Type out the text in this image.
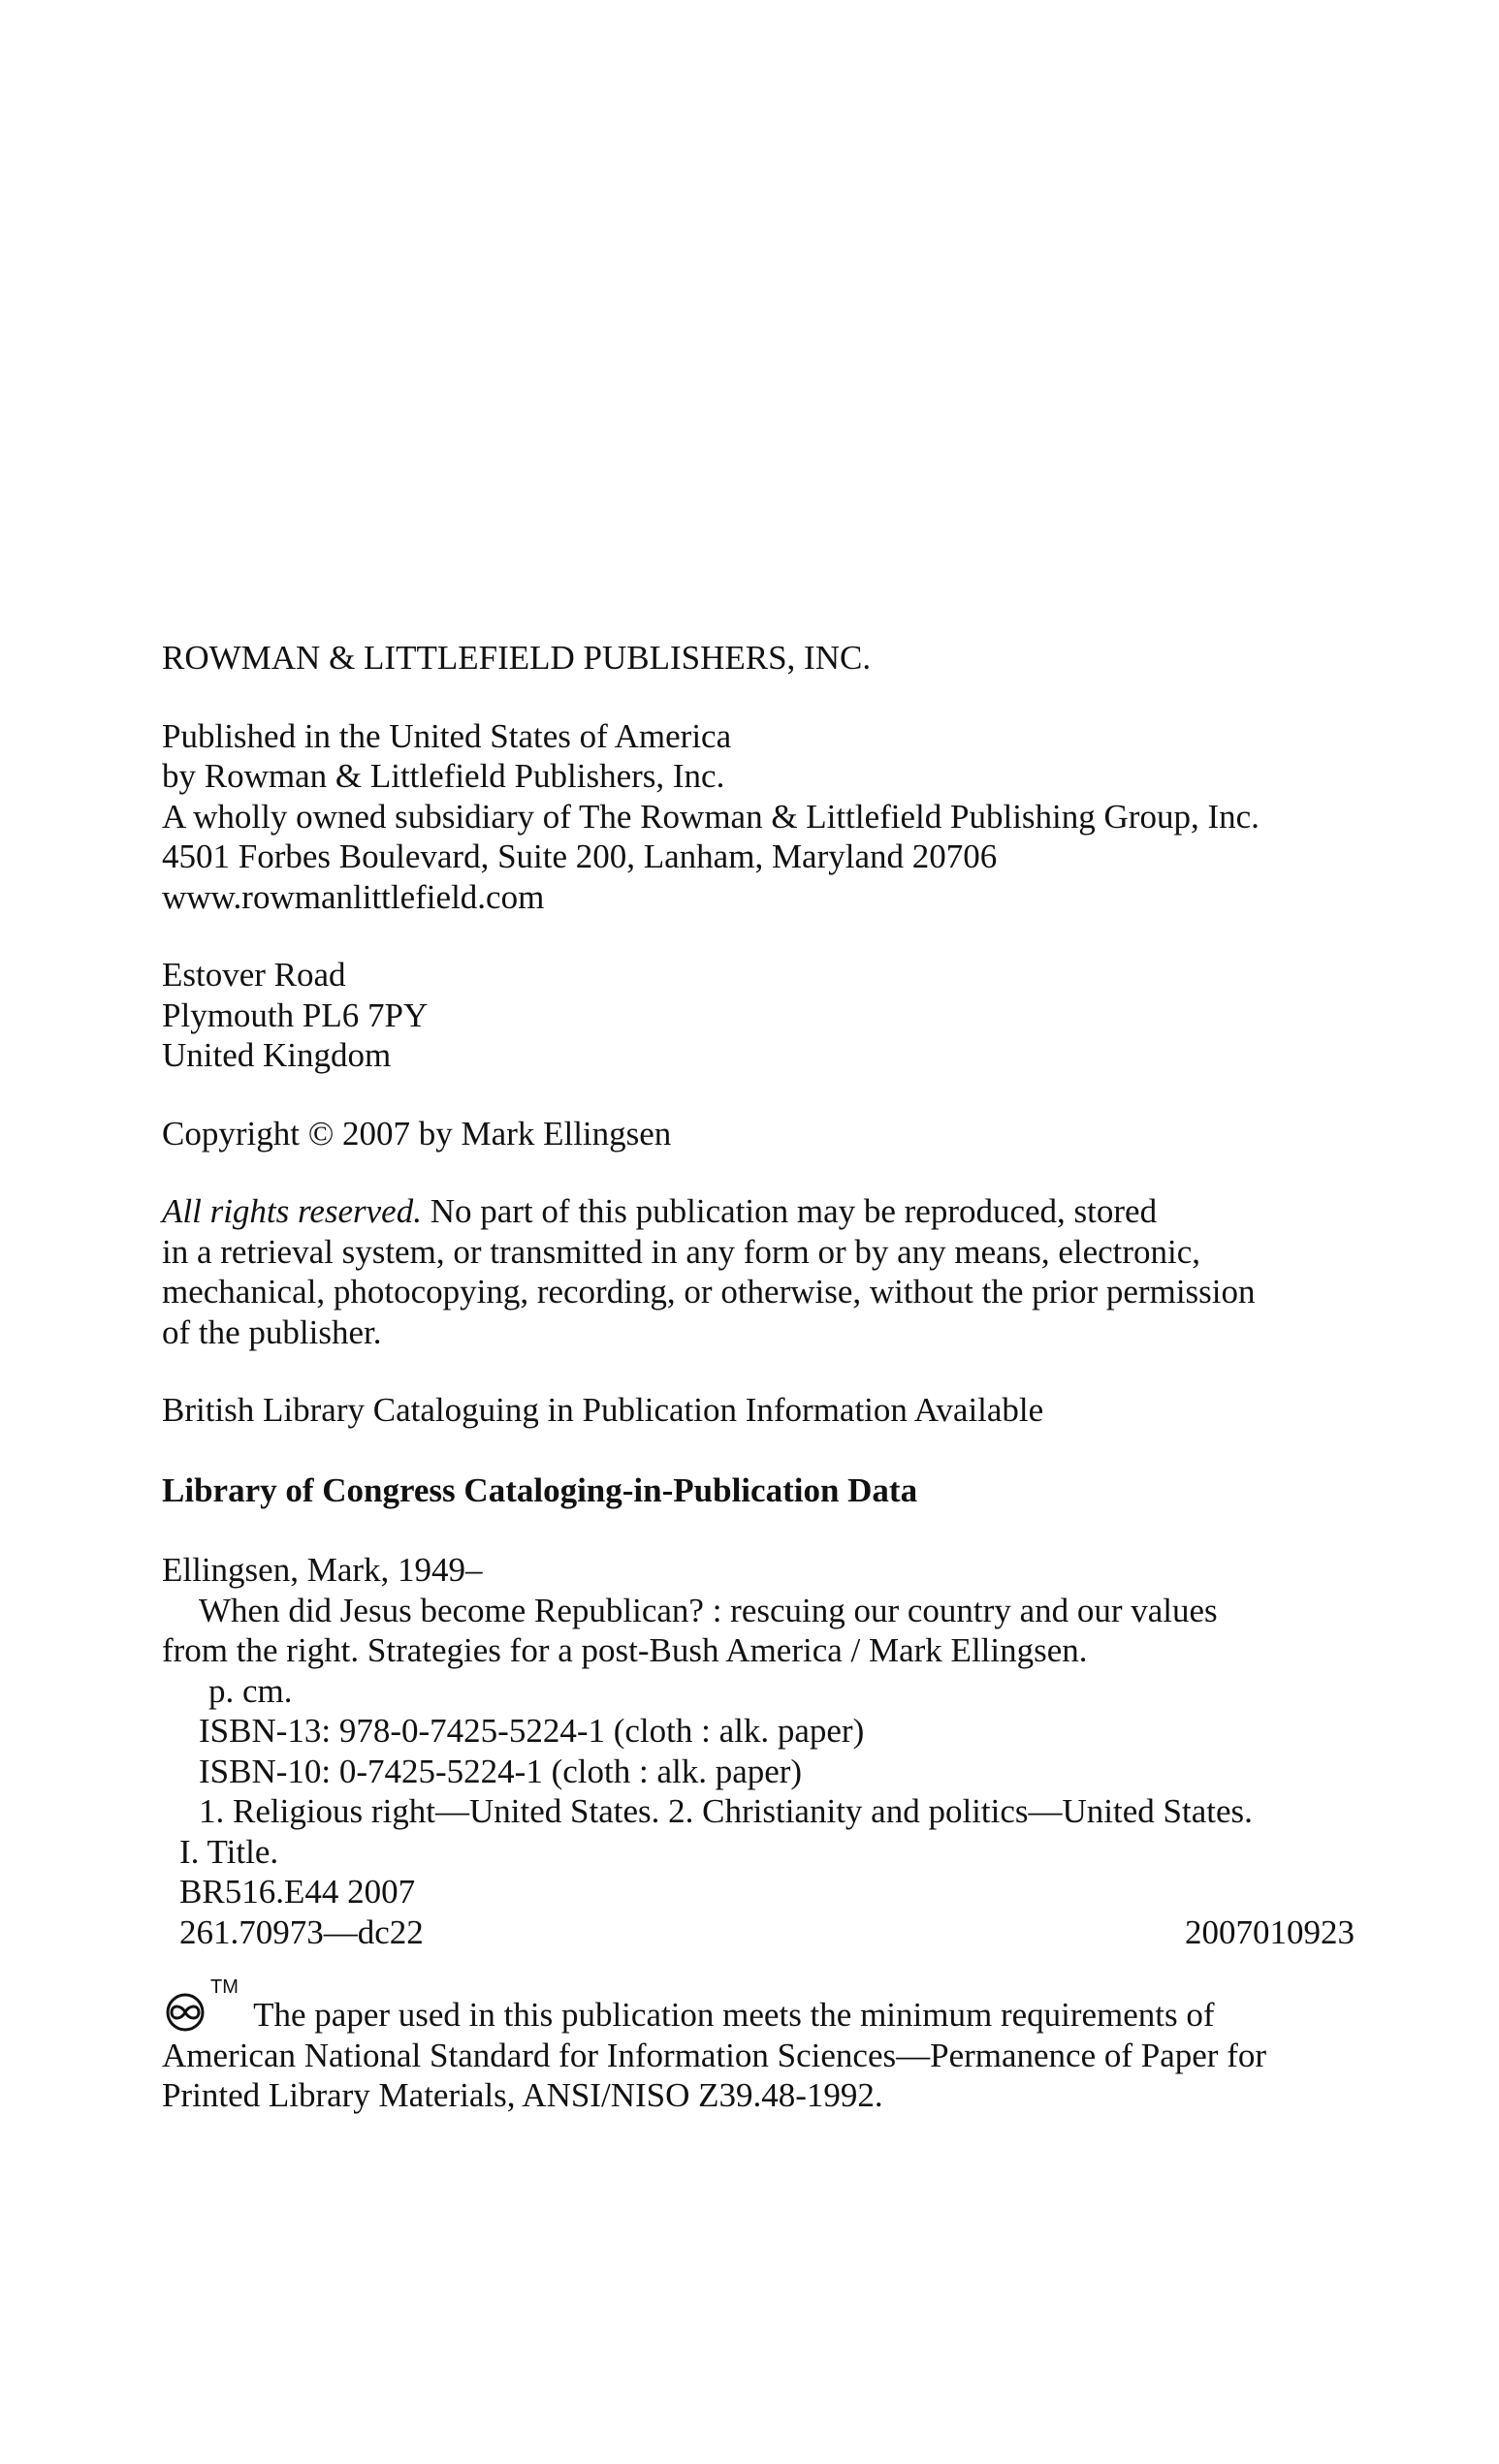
ROWMAN & LITTLEFIELD PUBLISHERS, INC.
Published in the United States of America
by Rowman & Littlefield Publishers, Inc.
A wholly owned subsidiary of The Rowman & Littlefield Publishing Group, Inc.
4501 Forbes Boulevard, Suite 200, Lanham, Maryland 20706
www.rowmanlittlefield.com
Estover Road
Plymouth PL6 7PY
United Kingdom
Copyright © 2007 by Mark Ellingsen
All rights reserved. No part of this publication may be reproduced, stored
in a retrieval system, or transmitted in any form or by any means, electronic,
mechanical, photocopying, recording, or otherwise, without the prior permission
of the publisher.
British Library Cataloguing in Publication Information Available
Library of Congress Cataloging-in-Publication Data
Ellingsen, Mark, 1949–
When did Jesus become Republican? : rescuing our country and our values
from the right. Strategies for a post-Bush America / Mark Ellingsen.
p. cm.
ISBN-13: 978-0-7425-5224-1 (cloth : alk. paper)
ISBN-10: 0-7425-5224-1 (cloth : alk. paper)
1. Religious right—United States. 2. Christianity and politics—United States.
I. Title.
BR516.E44 2007
261.70973—dc22	2007010923
TM
The paper used in this publication meets the minimum requirements of
American National Standard for Information Sciences—Permanence of Paper for
Printed Library Materials, ANSI/NISO Z39.48-1992.
